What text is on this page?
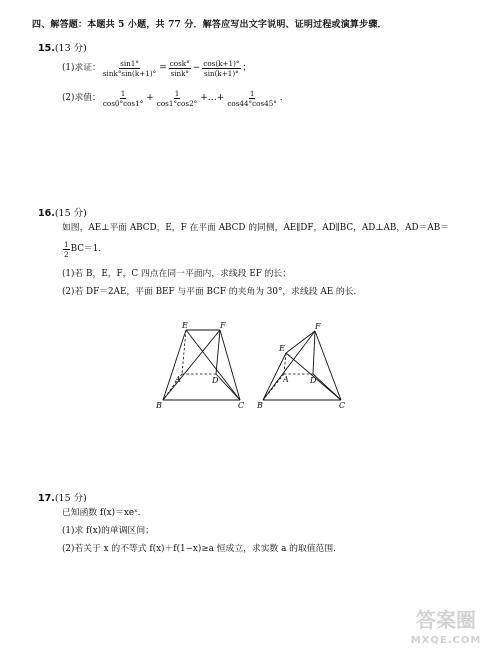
四、解答题：本题共 5 小题，共 77 分．解答应写出文字说明、证明过程或演算步骤．
15.(13 分)
(1)求证： $\frac{\sin 1^\circ}{\sin k^\circ\sin(k+1)^\circ} = \frac{\cos k^\circ}{\sin k^\circ} - \frac{\cos(k+1)^\circ}{\sin(k+1)^\circ}$ ；
(2)求值： $\frac{1}{\cos 0^\circ\cos 1^\circ} + \frac{1}{\cos 1^\circ\cos 2^\circ}$ +…+ $\frac{1}{\cos 44^\circ\cos 45^\circ}$ ．
16.(15 分)
如图，AE⊥平面 ABCD，E，F 在平面 ABCD 的同侧，AE∥DF，AD∥BC，AD⊥AB，AD＝AB＝
$\frac{1}{2} BC=1$．
(1)若 B，E，F，C 四点在同一平面内，求线段 EF 的长；
(2)若 DF＝2AE，平面 BEF 与平面 BCF 的夹角为 30°，求线段 AE 的长．
E	F
A	D
B	C
E
F
A	D
B	C
17.(15 分)
已知函数 f(x)＝xeˣ．
(1)求 f(x)的单调区间；
(2)若关于 x 的不等式 f(x)＋f(1−x)≥a 恒成立，求实数 a 的取值范围．
答案圈
MXQE.COM
